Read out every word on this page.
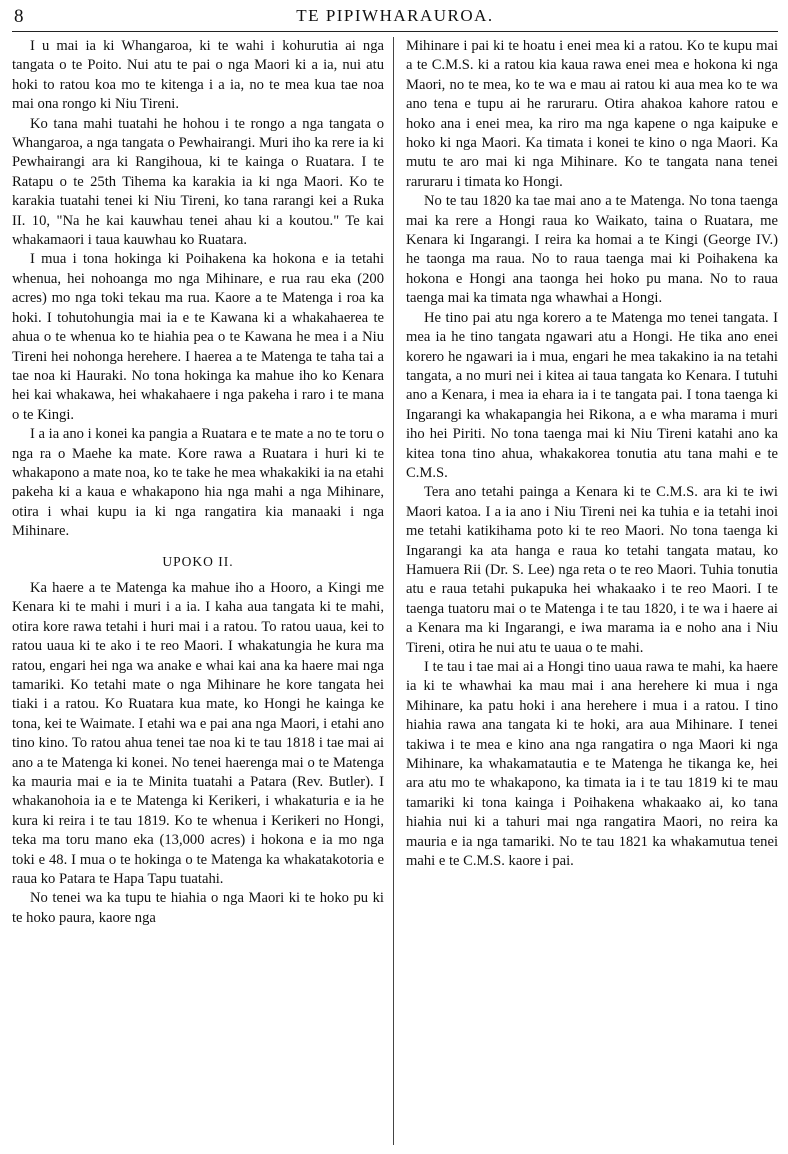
8	TE PIPIWHARAUROA.

I u mai ia ki Whangaroa, ki te wahi i kohurutia ai nga tangata o te Poito. Nui atu te pai o nga Maori ki a ia, nui atu hoki to ratou koa mo te kitenga i a ia, no te mea kua tae noa mai ona rongo ki Niu Tireni.

Ko tana mahi tuatahi he hohou i te rongo a nga tangata o Whangaroa, a nga tangata o Pewhairangi. Muri iho ka rere ia ki Pewhairangi ara ki Rangihoua, ki te kainga o Ruatara. I te Ratapu o te 25th Tihema ka karakia ia ki nga Maori. Ko te karakia tuatahi tenei ki Niu Tireni, ko tana rarangi kei a Ruka II. 10, "Na he kai kauwhau tenei ahau ki a koutou." Te kai whakamaori i taua kauwhau ko Ruatara.

I mua i tona hokinga ki Poihakena ka hokona e ia tetahi whenua, hei nohoanga mo nga Mihinare, e rua rau eka (200 acres) mo nga toki tekau ma rua. Kaore a te Matenga i roa ka hoki. I tohutohungia mai ia e te Kawana ki a whakahaerea te ahua o te whenua ko te hiahia pea o te Kawana he mea i a Niu Tireni hei nohonga herehere. I haerea a te Matenga te taha tai a tae noa ki Hauraki. No tona hokinga ka mahue iho ko Kenara hei kai whakawa, hei whakahaere i nga pakeha i raro i te mana o te Kingi.

I a ia ano i konei ka pangia a Ruatara e te mate a no te toru o nga ra o Maehe ka mate. Kore rawa a Ruatara i huri ki te whakapono a mate noa, ko te take he mea whakakiki ia na etahi pakeha ki a kaua e whakapono hia nga mahi a nga Mihinare, otira i whai kupu ia ki nga rangatira kia manaaki i nga Mihinare.

UPOKO II.

Ka haere a te Matenga ka mahue iho a Hooro, a Kingi me Kenara ki te mahi i muri i a ia. I kaha aua tangata ki te mahi, otira kore rawa tetahi i huri mai i a ratou. To ratou uaua, kei to ratou uaua ki te ako i te reo Maori. I whakatungia he kura ma ratou, engari hei nga wa anake e whai kai ana ka haere mai nga tamariki. Ko tetahi mate o nga Mihinare he kore tangata hei tiaki i a ratou. Ko Ruatara kua mate, ko Hongi he kainga ke tona, kei te Waimate. I etahi wa e pai ana nga Maori, i etahi ano tino kino. To ratou ahua tenei tae noa ki te tau 1818 i tae mai ai ano a te Matenga ki konei. No tenei haerenga mai o te Matenga ka mauria mai e ia te Minita tuatahi a Patara (Rev. Butler). I whakanohoia ia e te Matenga ki Kerikeri, i whakaturia e ia he kura ki reira i te tau 1819. Ko te whenua i Kerikeri no Hongi, teka ma toru mano eka (13,000 acres) i hokona e ia mo nga toki e 48. I mua o te hokinga o te Matenga ka whakatakotoria e raua ko Patara te Hapa Tapu tuatahi.

No tenei wa ka tupu te hiahia o nga Maori ki te hoko pu ki te hoko paura, kaore nga

Mihinare i pai ki te hoatu i enei mea ki a ratou. Ko te kupu mai a te C.M.S. ki a ratou kia kaua rawa enei mea e hokona ki nga Maori, no te mea, ko te wa e mau ai ratou ki aua mea ko te wa ano tena e tupu ai he raruraru. Otira ahakoa kahore ratou e hoko ana i enei mea, ka riro ma nga kapene o nga kaipuke e hoko ki nga Maori. Ka timata i konei te kino o nga Maori. Ka mutu te aro mai ki nga Mihinare. Ko te tangata nana tenei raruraru i timata ko Hongi.

No te tau 1820 ka tae mai ano a te Matenga. No tona taenga mai ka rere a Hongi raua ko Waikato, taina o Ruatara, me Kenara ki Ingarangi. I reira ka homai a te Kingi (George IV.) he taonga ma raua. No to raua taenga mai ki Poihakena ka hokona e Hongi ana taonga hei hoko pu mana. No to raua taenga mai ka timata nga whawhai a Hongi.

He tino pai atu nga korero a te Matenga mo tenei tangata. I mea ia he tino tangata ngawari atu a Hongi. He tika ano enei korero he ngawari ia i mua, engari he mea takakino ia na tetahi tangata, a no muri nei i kitea ai taua tangata ko Kenara. I tutuhi ano a Kenara, i mea ia ehara ia i te tangata pai. I tona taenga ki Ingarangi ka whakapangia hei Rikona, a e wha marama i muri iho hei Piriti. No tona taenga mai ki Niu Tireni katahi ano ka kitea tona tino ahua, whakakorea tonutia atu tana mahi e te C.M.S.

Tera ano tetahi painga a Kenara ki te C.M.S. ara ki te iwi Maori katoa. I a ia ano i Niu Tireni nei ka tuhia e ia tetahi inoi me tetahi katikihama poto ki te reo Maori. No tona taenga ki Ingarangi ka ata hanga e raua ko tetahi tangata matau, ko Hamuera Rii (Dr. S. Lee) nga reta o te reo Maori. Tuhia tonutia atu e raua tetahi pukapuka hei whakaako i te reo Maori. I te taenga tuatoru mai o te Matenga i te tau 1820, i te wa i haere ai a Kenara ma ki Ingarangi, e iwa marama ia e noho ana i Niu Tireni, otira he nui atu te uaua o te mahi.

I te tau i tae mai ai a Hongi tino uaua rawa te mahi, ka haere ia ki te whawhai ka mau mai i ana herehere ki mua i nga Mihinare, ka patu hoki i ana herehere i mua i a ratou. I tino hiahia rawa ana tangata ki te hoki, ara aua Mihinare. I tenei takiwa i te mea e kino ana nga rangatira o nga Maori ki nga Mihinare, ka whakamatautia e te Matenga he tikanga ke, hei ara atu mo te whakapono, ka timata ia i te tau 1819 ki te mau tamariki ki tona kainga i Poihakena whakaako ai, ko tana hiahia nui ki a tahuri mai nga rangatira Maori, no reira ka mauria e ia nga tamariki. No te tau 1821 ka whakamutua tenei mahi e te C.M.S. kaore i pai.
